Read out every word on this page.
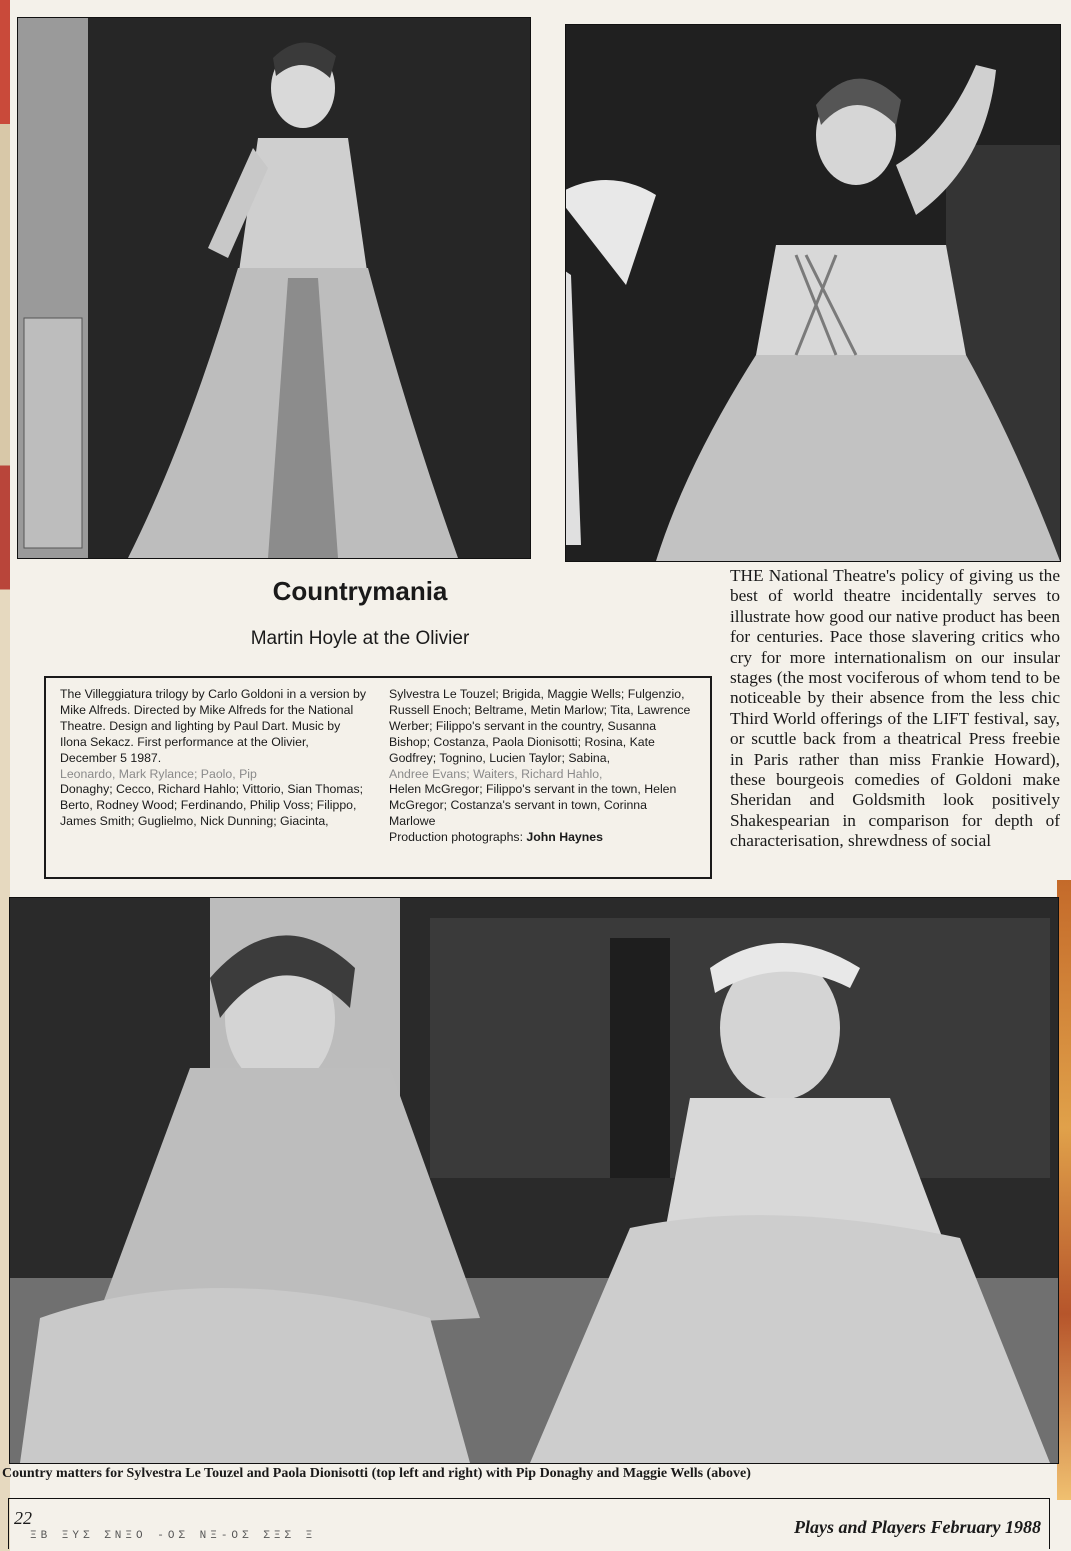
Countrymania
Martin Hoyle at the Olivier
The Villeggiatura trilogy by Carlo Goldoni in a version by Mike Alfreds. Directed by Mike Alfreds for the National Theatre. Design and lighting by Paul Dart. Music by Ilona Sekacz. First performance at the Olivier, December 5 1987.
Leonardo, Mark Rylance; Paolo, Pip
Donaghy; Cecco, Richard Hahlo; Vittorio, Sian Thomas; Berto, Rodney Wood; Ferdinando, Philip Voss; Filippo, James Smith; Guglielmo, Nick Dunning; Giacinta,
Sylvestra Le Touzel; Brigida, Maggie Wells; Fulgenzio, Russell Enoch; Beltrame, Metin Marlow; Tita, Lawrence Werber; Filippo's servant in the country, Susanna Bishop; Costanza, Paola Dionisotti; Rosina, Kate Godfrey; Tognino, Lucien Taylor; Sabina,
Andree Evans; Waiters, Richard Hahlo,
Helen McGregor; Filippo's servant in the town, Helen McGregor; Costanza's servant in town, Corinna Marlowe
Production photographs: John Haynes

THE National Theatre's policy of giving us the best of world theatre incidentally serves to illustrate how good our native product has been for centuries. Pace those slavering critics who cry for more internationalism on our insular stages (the most vociferous of whom tend to be noticeable by their absence from the less chic Third World offerings of the LIFT festival, say, or scuttle back from a theatrical Press freebie in Paris rather than miss Frankie Howard), these bourgeois comedies of Goldoni make Sheridan and Goldsmith look positively Shakespearian in comparison for depth of characterisation, shrewdness of social

Country matters for Sylvestra Le Touzel and Paola Dionisotti (top left and right) with Pip Donaghy and Maggie Wells (above)
22
ΞΒ ΞΥΣ ΣΝΞΟ -ΟΣ ΝΞ-ΟΣ ΣΞΣ Ξ	Plays and Players February 1988
